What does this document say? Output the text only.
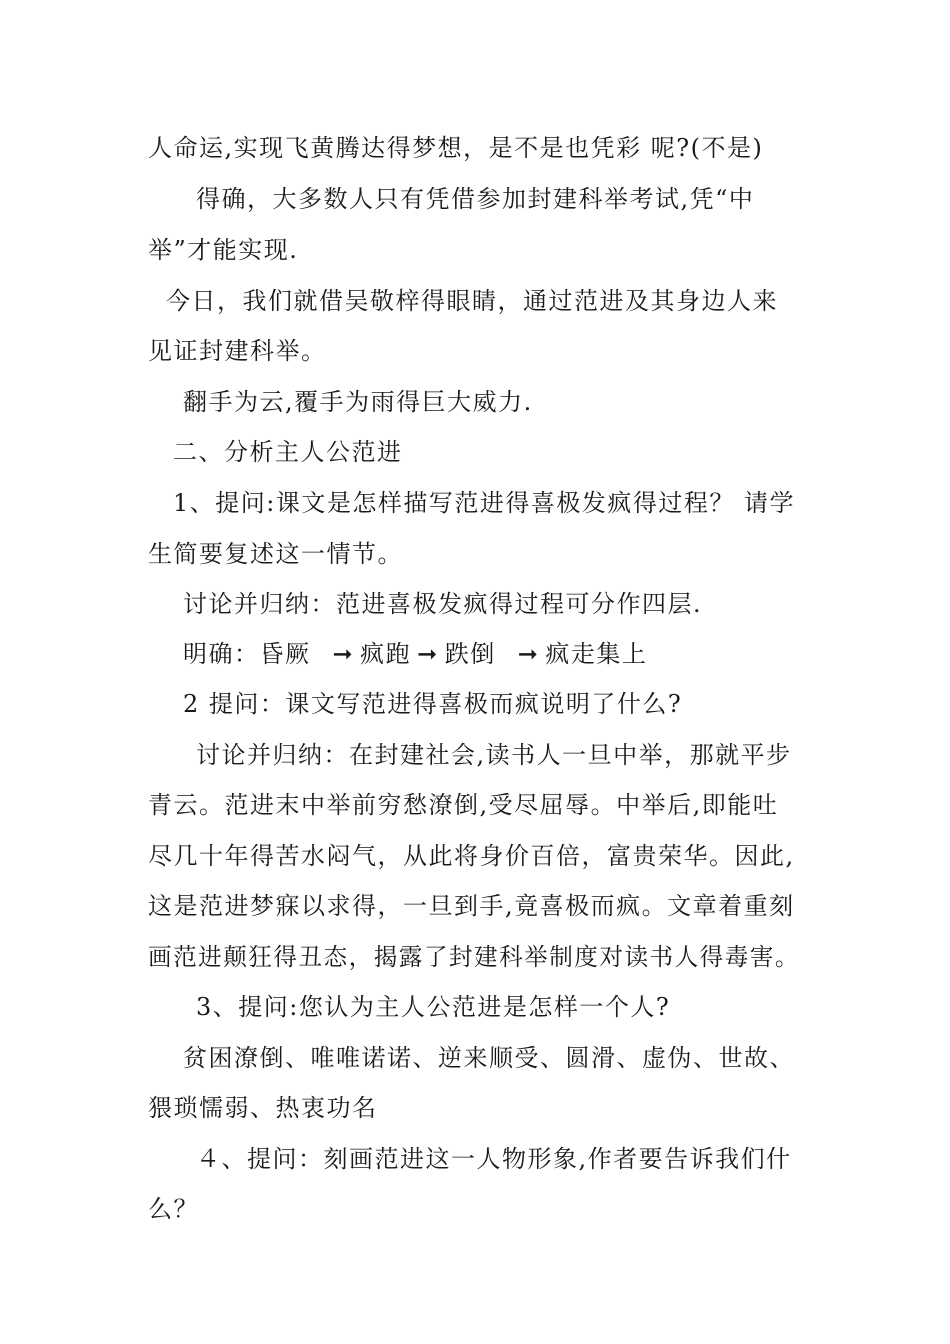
人命运,实现飞黄腾达得梦想，是不是也凭彩 呢?(不是)
得确，大多数人只有凭借参加封建科举考试,凭“中
举”才能实现.
今日，我们就借吴敬梓得眼睛，通过范进及其身边人来
见证封建科举。
翻手为云,覆手为雨得巨大威力.
二、分析主人公范进
1、提问:课文是怎样描写范进得喜极发疯得过程？ 请学
生简要复述这一情节。
讨论并归纳：范进喜极发疯得过程可分作四层.
明确：昏厥 ➞ 疯跑 ➞ 跌倒 ➞ 疯走集上
2 提问：课文写范进得喜极而疯说明了什么?
讨论并归纳：在封建社会,读书人一旦中举，那就平步
青云。范进末中举前穷愁潦倒,受尽屈辱。中举后,即能吐
尽几十年得苦水闷气，从此将身价百倍，富贵荣华。因此,
这是范进梦寐以求得，一旦到手,竟喜极而疯。文章着重刻
画范进颠狂得丑态，揭露了封建科举制度对读书人得毒害。
3、提问:您认为主人公范进是怎样一个人?
贫困潦倒、唯唯诺诺、逆来顺受、圆滑、虚伪、世故、
猥琐懦弱、热衷功名
４、提问：刻画范进这一人物形象,作者要告诉我们什
么？
